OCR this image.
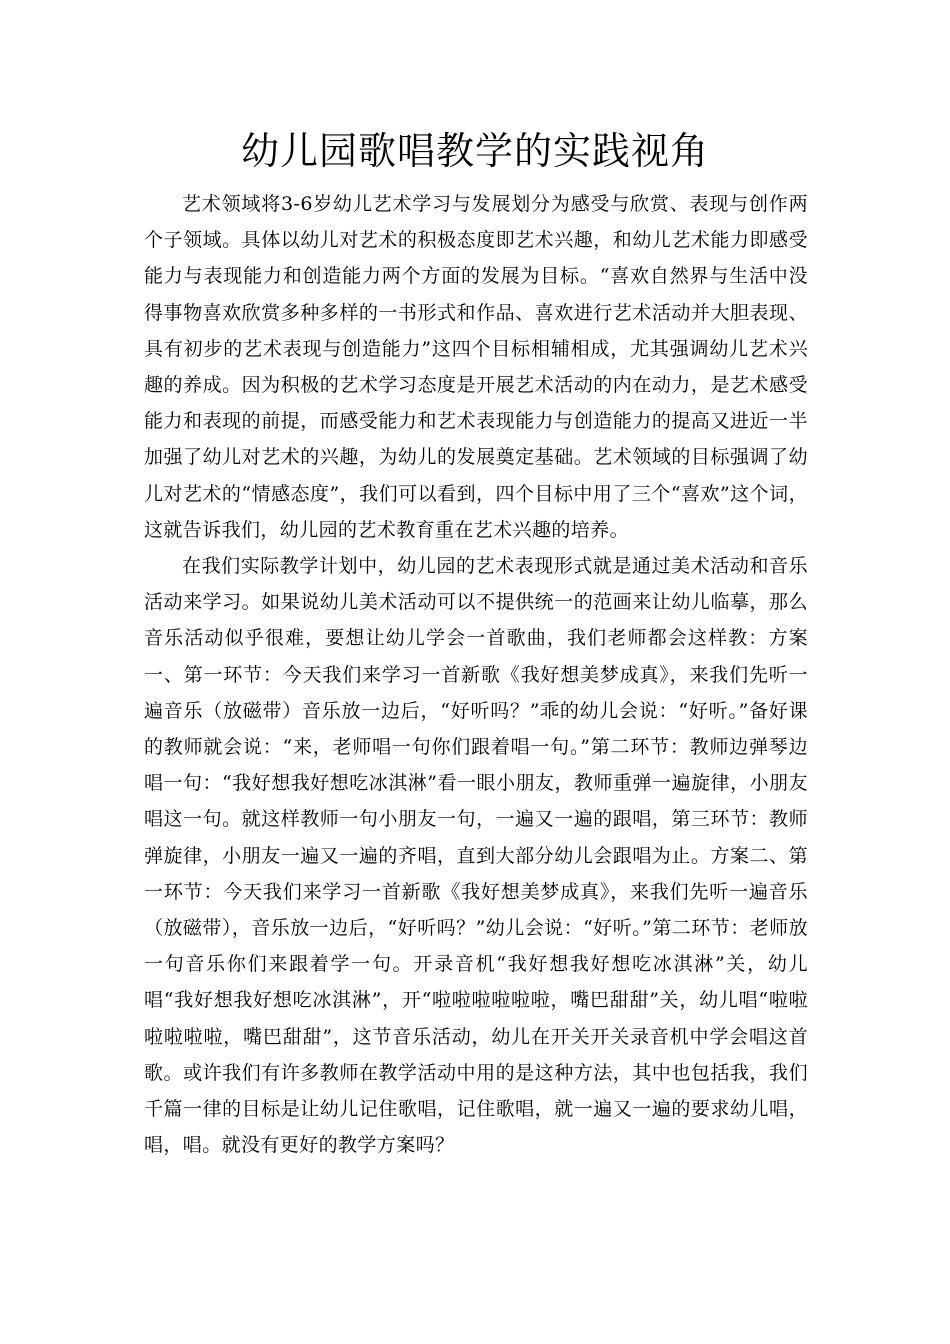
幼儿园歌唱教学的实践视角

艺术领域将3-6岁幼儿艺术学习与发展划分为感受与欣赏、表现与创作两个子领域。具体以幼儿对艺术的积极态度即艺术兴趣，和幼儿艺术能力即感受能力与表现能力和创造能力两个方面的发展为目标。“喜欢自然界与生活中没得事物喜欢欣赏多种多样的一书形式和作品、喜欢进行艺术活动并大胆表现、具有初步的艺术表现与创造能力”这四个目标相辅相成，尤其强调幼儿艺术兴趣的养成。因为积极的艺术学习态度是开展艺术活动的内在动力，是艺术感受能力和表现的前提，而感受能力和艺术表现能力与创造能力的提高又进近一半加强了幼儿对艺术的兴趣，为幼儿的发展奠定基础。艺术领域的目标强调了幼儿对艺术的“情感态度”，我们可以看到，四个目标中用了三个“喜欢”这个词，这就告诉我们，幼儿园的艺术教育重在艺术兴趣的培养。

在我们实际教学计划中，幼儿园的艺术表现形式就是通过美术活动和音乐活动来学习。如果说幼儿美术活动可以不提供统一的范画来让幼儿临摹，那么音乐活动似乎很难，要想让幼儿学会一首歌曲，我们老师都会这样教：方案一、第一环节：今天我们来学习一首新歌《我好想美梦成真》，来我们先听一遍音乐（放磁带）音乐放一边后，“好听吗？”乖的幼儿会说：“好听。”备好课的教师就会说：“来，老师唱一句你们跟着唱一句。”第二环节：教师边弹琴边唱一句：“我好想我好想吃冰淇淋”看一眼小朋友，教师重弹一遍旋律，小朋友唱这一句。就这样教师一句小朋友一句，一遍又一遍的跟唱，第三环节：教师弹旋律，小朋友一遍又一遍的齐唱，直到大部分幼儿会跟唱为止。方案二、第一环节：今天我们来学习一首新歌《我好想美梦成真》，来我们先听一遍音乐（放磁带），音乐放一边后，“好听吗？”幼儿会说：“好听。”第二环节：老师放一句音乐你们来跟着学一句。开录音机“我好想我好想吃冰淇淋”关，幼儿唱“我好想我好想吃冰淇淋”，开“啦啦啦啦啦啦，嘴巴甜甜”关，幼儿唱“啦啦啦啦啦啦，嘴巴甜甜”，这节音乐活动，幼儿在开关开关录音机中学会唱这首歌。或许我们有许多教师在教学活动中用的是这种方法，其中也包括我，我们千篇一律的目标是让幼儿记住歌唱，记住歌唱，就一遍又一遍的要求幼儿唱，唱，唱。就没有更好的教学方案吗？
